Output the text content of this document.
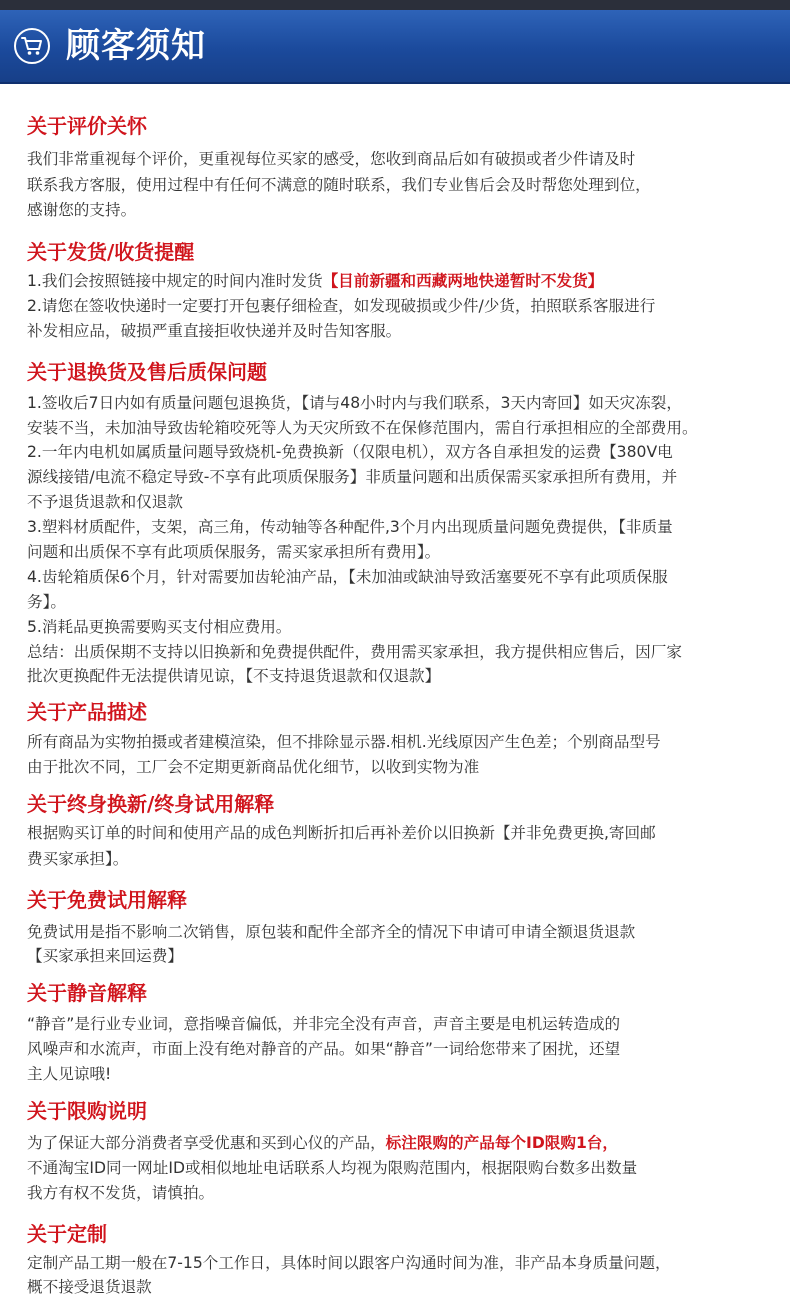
顾客须知
关于评价关怀
我们非常重视每个评价，更重视每位买家的感受，您收到商品后如有破损或者少件请及时
联系我方客服，使用过程中有任何不满意的随时联系，我们专业售后会及时帮您处理到位，
感谢您的支持。
关于发货/收货提醒
1.我们会按照链接中规定的时间内准时发货【目前新疆和西藏两地快递暂时不发货】
2.请您在签收快递时一定要打开包裹仔细检查，如发现破损或少件/少货，拍照联系客服进行
补发相应品，破损严重直接拒收快递并及时告知客服。
关于退换货及售后质保问题
1.签收后7日内如有质量问题包退换货，【请与48小时内与我们联系，3天内寄回】如天灾冻裂，
安装不当，未加油导致齿轮箱咬死等人为天灾所致不在保修范围内，需自行承担相应的全部费用。
2.一年内电机如属质量问题导致烧机-免费换新（仅限电机），双方各自承担发的运费【380V电
源线接错/电流不稳定导致-不享有此项质保服务】非质量问题和出质保需买家承担所有费用，并
不予退货退款和仅退款
3.塑料材质配件，支架，高三角，传动轴等各种配件,3个月内出现质量问题免费提供，【非质量
问题和出质保不享有此项质保服务，需买家承担所有费用】。
4.齿轮箱质保6个月，针对需要加齿轮油产品，【未加油或缺油导致活塞要死不享有此项质保服
务】。
5.消耗品更换需要购买支付相应费用。
总结：出质保期不支持以旧换新和免费提供配件，费用需买家承担，我方提供相应售后，因厂家
批次更换配件无法提供请见谅，【不支持退货退款和仅退款】
关于产品描述
所有商品为实物拍摄或者建模渲染，但不排除显示器.相机.光线原因产生色差；个别商品型号
由于批次不同，工厂会不定期更新商品优化细节，以收到实物为准
关于终身换新/终身试用解释
根据购买订单的时间和使用产品的成色判断折扣后再补差价以旧换新【并非免费更换,寄回邮
费买家承担】。
关于免费试用解释
免费试用是指不影响二次销售，原包装和配件全部齐全的情况下申请可申请全额退货退款
【买家承担来回运费】
关于静音解释
“静音”是行业专业词，意指噪音偏低，并非完全没有声音，声音主要是电机运转造成的
风噪声和水流声，市面上没有绝对静音的产品。如果“静音”一词给您带来了困扰，还望
主人见谅哦!
关于限购说明
为了保证大部分消费者享受优惠和买到心仪的产品，标注限购的产品每个ID限购1台，
不通淘宝ID同一网址ID或相似地址电话联系人均视为限购范围内，根据限购台数多出数量
我方有权不发货，请慎拍。
关于定制
定制产品工期一般在7-15个工作日，具体时间以跟客户沟通时间为准，非产品本身质量问题，
概不接受退货退款
